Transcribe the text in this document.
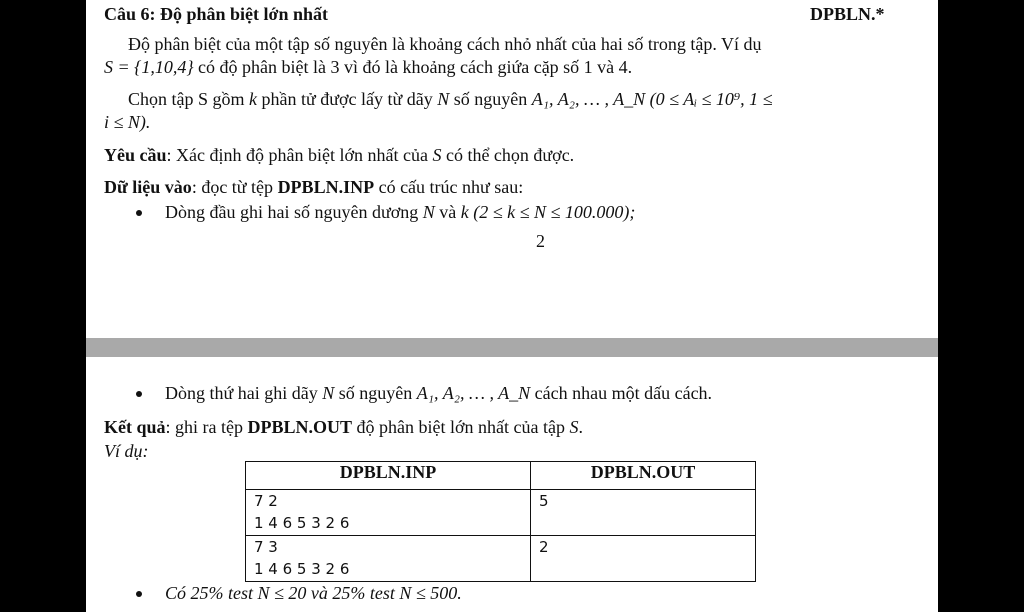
Câu 6: Độ phân biệt lớn nhất	DPBLN.*
Độ phân biệt của một tập số nguyên là khoảng cách nhỏ nhất của hai số trong tập. Ví dụ
S = {1,10,4} có độ phân biệt là 3 vì đó là khoảng cách giứa cặp số 1 và 4.
Chọn tập S gồm k phần tử được lấy từ dãy N số nguyên A₁, A₂, … , A_N (0 ≤ Aᵢ ≤ 10⁹, 1 ≤
i ≤ N).
Yêu cầu: Xác định độ phân biệt lớn nhất của S có thể chọn được.
Dữ liệu vào: đọc từ tệp DPBLN.INP có cấu trúc như sau:
Dòng đầu ghi hai số nguyên dương N và k (2 ≤ k ≤ N ≤ 100.000);
2
Dòng thứ hai ghi dãy N số nguyên A₁, A₂, … , A_N cách nhau một dấu cách.
Kết quả: ghi ra tệp DPBLN.OUT độ phân biệt lớn nhất của tập S.
Ví dụ:
DPBLN.INP	DPBLN.OUT

7 2
1 4 6 5 3 2 6	5

7 3
1 4 6 5 3 2 6	2
Có 25% test N ≤ 20 và 25% test N ≤ 500.
